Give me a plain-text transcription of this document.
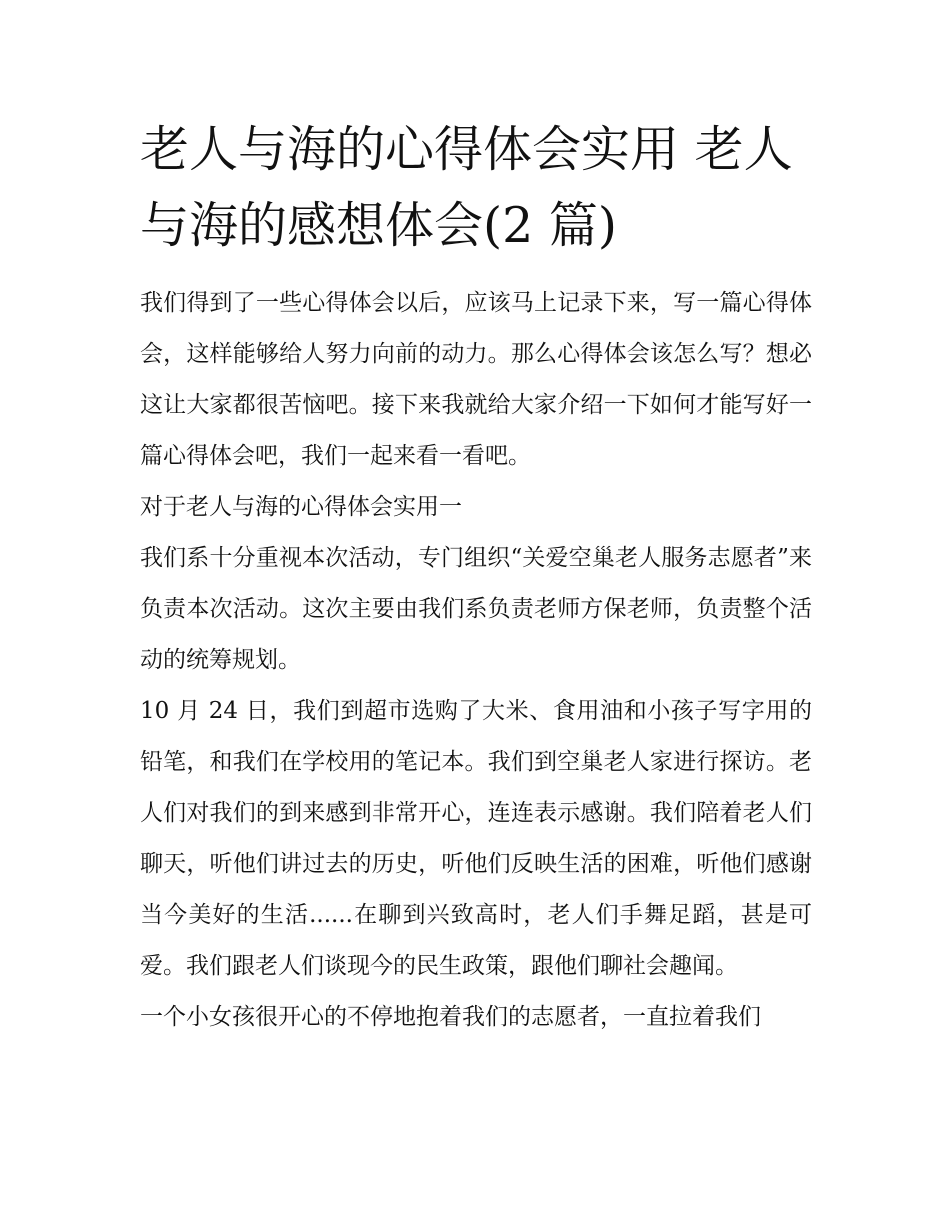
老人与海的心得体会实用 老人与海的感想体会(2 篇)

我们得到了一些心得体会以后，应该马上记录下来，写一篇心得体会，这样能够给人努力向前的动力。那么心得体会该怎么写？想必这让大家都很苦恼吧。接下来我就给大家介绍一下如何才能写好一篇心得体会吧，我们一起来看一看吧。

对于老人与海的心得体会实用一

我们系十分重视本次活动，专门组织“关爱空巢老人服务志愿者”来负责本次活动。这次主要由我们系负责老师方保老师，负责整个活动的统筹规划。

10 月 24 日，我们到超市选购了大米、食用油和小孩子写字用的铅笔，和我们在学校用的笔记本。我们到空巢老人家进行探访。老人们对我们的到来感到非常开心，连连表示感谢。我们陪着老人们聊天，听他们讲过去的历史，听他们反映生活的困难，听他们感谢当今美好的生活......在聊到兴致高时，老人们手舞足蹈，甚是可爱。我们跟老人们谈现今的民生政策，跟他们聊社会趣闻。

一个小女孩很开心的不停地抱着我们的志愿者，一直拉着我们
